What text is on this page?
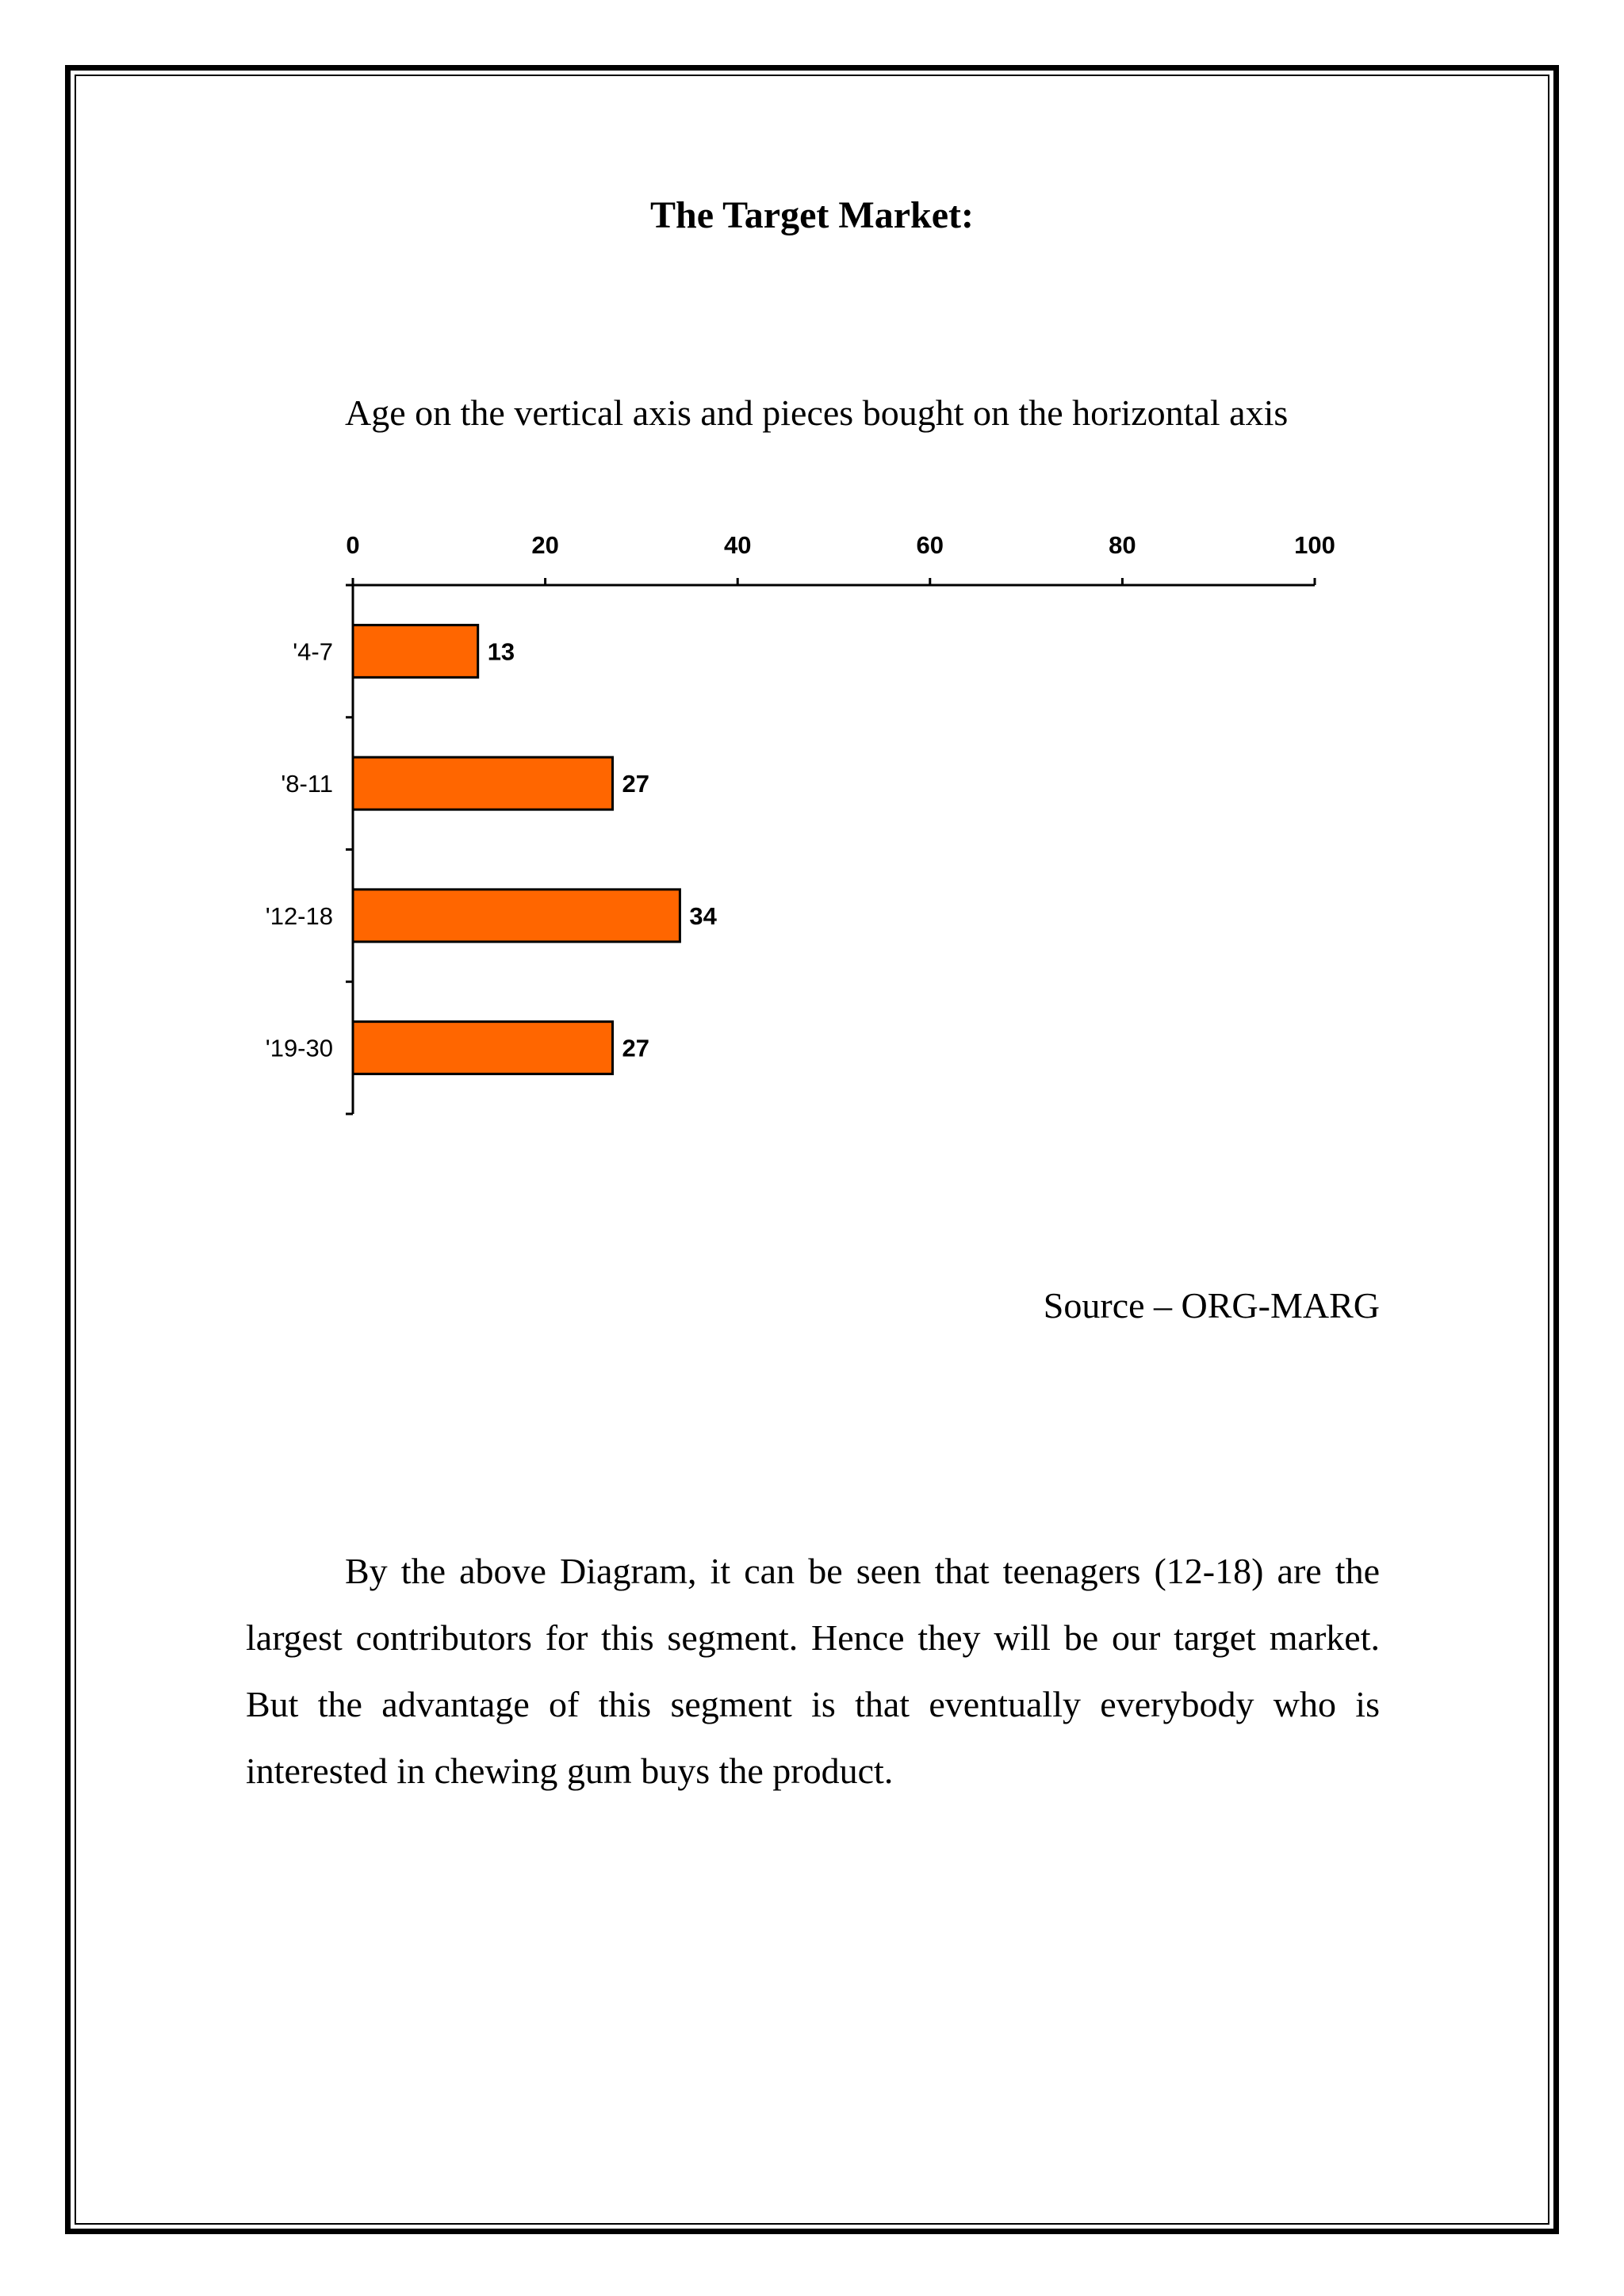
The Target Market:
Age on the vertical axis and pieces bought on the horizontal axis
0	20	40	60	80	100
'4-7	13
'8-11	27
'12-18	34
'19-30	27
Source – ORG-MARG
By the above Diagram, it can be seen that teenagers (12-18) are the largest contributors for this segment. Hence they will be our target market. But the advantage of this segment is that eventually everybody who is interested in chewing gum buys the product.
